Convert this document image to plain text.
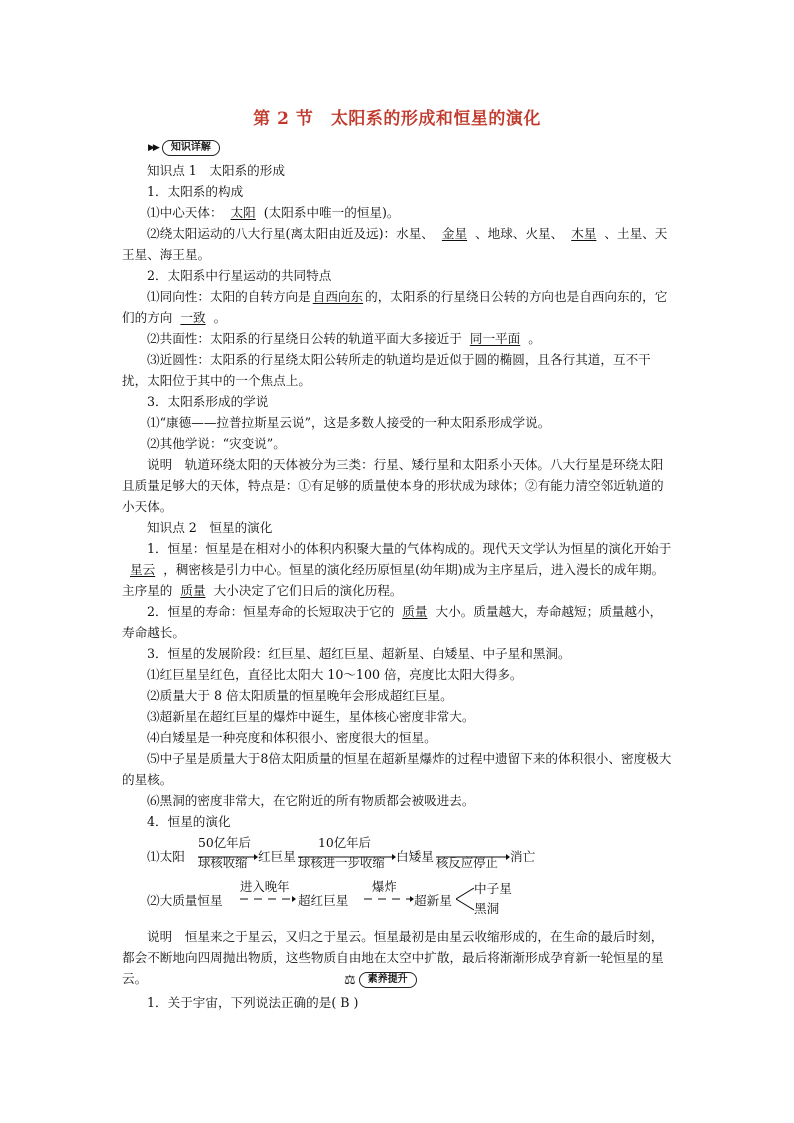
第 2 节　太阳系的形成和恒星的演化
▶▶	知识详解

知识点 1　太阳系的形成

1．太阳系的构成

⑴中心天体： 太阳 (太阳系中唯一的恒星)。

⑵绕太阳运动的八大行星(离太阳由近及远)：水星、 金星 、地球、火星、 木星 、土星、天王星、海王星。

2．太阳系中行星运动的共同特点

⑴同向性：太阳的自转方向是 自西向东 的，太阳系的行星绕日公转的方向也是自西向东的，它们的方向 一致 。

⑵共面性：太阳系的行星绕日公转的轨道平面大多接近于 同一平面 。

⑶近圆性：太阳系的行星绕太阳公转所走的轨道均是近似于圆的椭圆，且各行其道，互不干扰，太阳位于其中的一个焦点上。

3．太阳系形成的学说

⑴“康德——拉普拉斯星云说”，这是多数人接受的一种太阳系形成学说。

⑵其他学说：“灾变说”。

说明　轨道环绕太阳的天体被分为三类：行星、矮行星和太阳系小天体。八大行星是环绕太阳且质量足够大的天体，特点是：①有足够的质量使本身的形状成为球体；②有能力清空邻近轨道的小天体。

知识点 2　恒星的演化

1．恒星：恒星是在相对小的体积内积聚大量的气体构成的。现代天文学认为恒星的演化开始于星云 ，稠密核是引力中心。恒星的演化经历原恒星(幼年期)成为主序星后，进入漫长的成年期。主序星的 质量 大小决定了它们日后的演化历程。

2．恒星的寿命：恒星寿命的长短取决于它的 质量 大小。质量越大，寿命越短；质量越小，寿命越长。

3．恒星的发展阶段：红巨星、超红巨星、超新星、白矮星、中子星和黑洞。

⑴红巨星呈红色，直径比太阳大 10～100 倍，亮度比太阳大得多。

⑵质量大于 8 倍太阳质量的恒星晚年会形成超红巨星。

⑶超新星在超红巨星的爆炸中诞生，星体核心密度非常大。

⑷白矮星是一种亮度和体积很小、密度很大的恒星。

⑸中子星是质量大于8倍太阳质量的恒星在超新星爆炸的过程中遗留下来的体积很小、密度极大的星核。

⑹黑洞的密度非常大，在它附近的所有物质都会被吸进去。

4．恒星的演化

⑴太阳
50亿年后
球核收缩 红巨星
10亿年后
球核进一步收缩 白矮星 核反应停止 消亡
⑵大质量恒星
进入晚年
超红巨星
爆炸
超新星
中子星
黑洞

说明　恒星来之于星云，又归之于星云。恒星最初是由星云收缩形成的，在生命的最后时刻，都会不断地向四周抛出物质，这些物质自由地在太空中扩散，最后将渐渐形成孕育新一轮恒星的星云。	⚖	素养提升

1．关于宇宙，下列说法正确的是( B )
